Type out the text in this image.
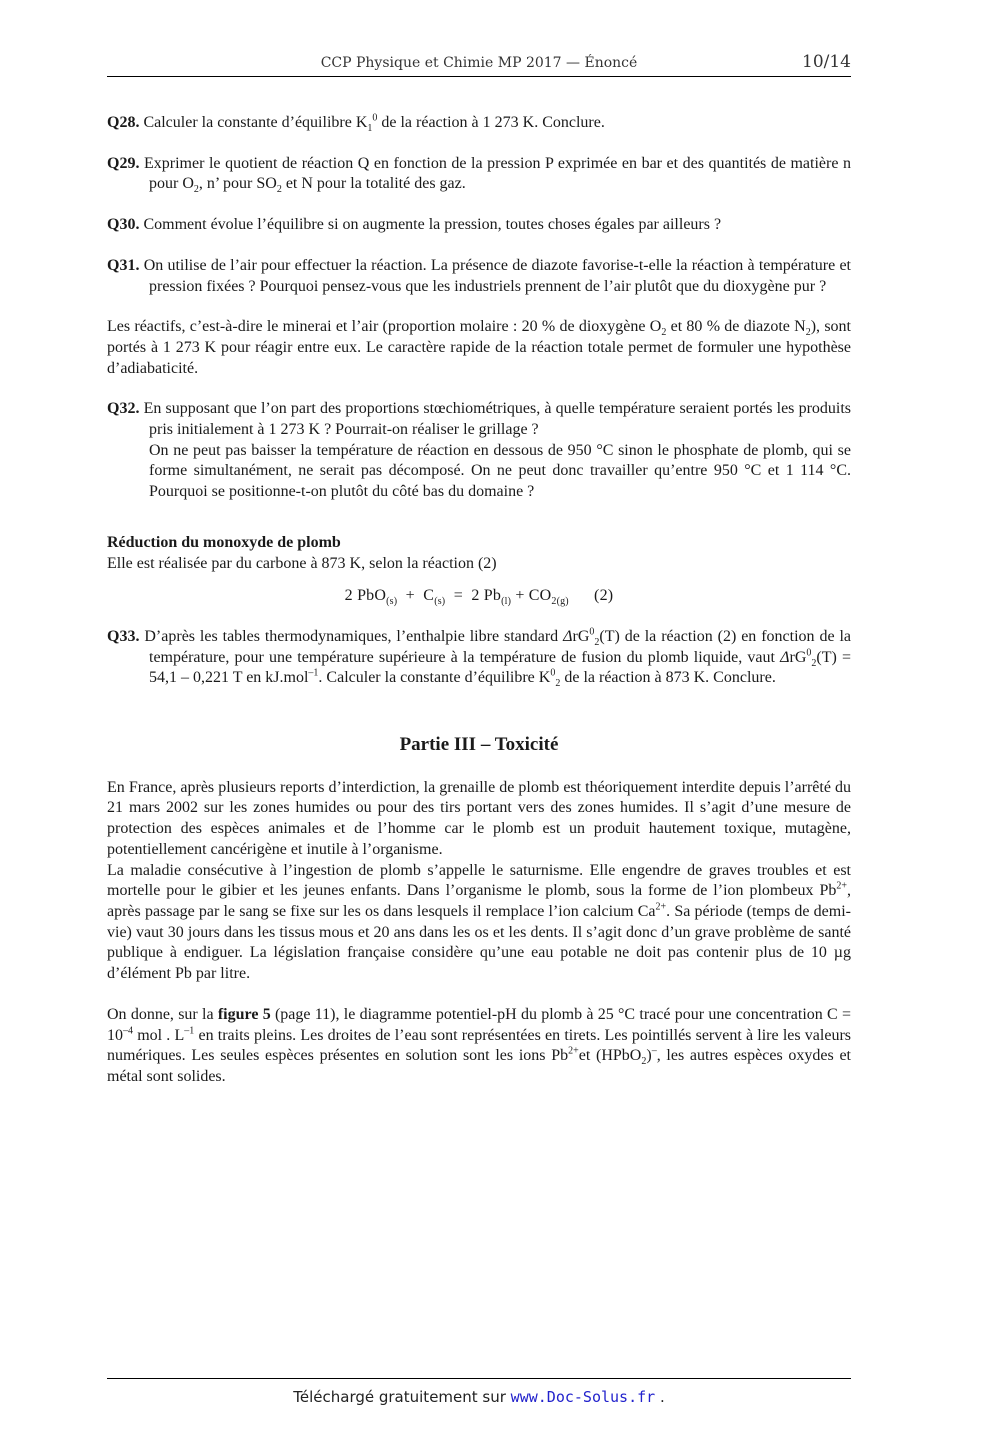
CCP Physique et Chimie MP 2017 — Énoncé	10/14

Q28. Calculer la constante d’équilibre $K_1^0$ de la réaction à 1 273 K. Conclure.

Q29. Exprimer le quotient de réaction Q en fonction de la pression P exprimée en bar et des quantités de matière n pour $O_2$, n’ pour $SO_2$ et N pour la totalité des gaz.

Q30. Comment évolue l’équilibre si on augmente la pression, toutes choses égales par ailleurs ?

Q31. On utilise de l’air pour effectuer la réaction. La présence de diazote favorise-t-elle la réaction à température et pression fixées ? Pourquoi pensez-vous que les industriels prennent de l’air plutôt que du dioxygène pur ?

Les réactifs, c’est-à-dire le minerai et l’air (proportion molaire : 20 % de dioxygène $O_2$ et 80 % de diazote $N_2$), sont portés à 1 273 K pour réagir entre eux. Le caractère rapide de la réaction totale permet de formuler une hypothèse d’adiabaticité.

Q32. En supposant que l’on part des proportions stœchiométriques, à quelle température seraient portés les produits pris initialement à 1 273 K ? Pourrait-on réaliser le grillage ?
On ne peut pas baisser la température de réaction en dessous de 950 °C sinon le phosphate de plomb, qui se forme simultanément, ne serait pas décomposé. On ne peut donc travailler qu’entre 950 °C et 1 114 °C. Pourquoi se positionne-t-on plutôt du côté bas du domaine ?
Réduction du monoxyde de plomb
Elle est réalisée par du carbone à 873 K, selon la réaction (2)
2 $PbO_{(s)} + C_{(s)} = 2$ $Pb_{(l)} + CO_{2(g)}$ (2)

Q33. D’après les tables thermodynamiques, l’enthalpie libre standard ΔrG$^0_2$(T) de la réaction (2) en fonction de la température, pour une température supérieure à la température de fusion du plomb liquide, vaut ΔrG$^0_2$(T) = 54,1 – 0,221 T en kJ.mol$^{-1}$. Calculer la constante d’équilibre $K^0_2$ de la réaction à 873 K. Conclure.

Partie III – Toxicité

En France, après plusieurs reports d’interdiction, la grenaille de plomb est théoriquement interdite depuis l’arrêté du 21 mars 2002 sur les zones humides ou pour des tirs portant vers des zones humides. Il s’agit d’une mesure de protection des espèces animales et de l’homme car le plomb est un produit hautement toxique, mutagène, potentiellement cancérigène et inutile à l’organisme.

La maladie consécutive à l’ingestion de plomb s’appelle le saturnisme. Elle engendre de graves troubles et est mortelle pour le gibier et les jeunes enfants. Dans l’organisme le plomb, sous la forme de l’ion plombeux $Pb^{2+}$, après passage par le sang se fixe sur les os dans lesquels il remplace l’ion calcium $Ca^{2+}$. Sa période (temps de demi-vie) vaut 30 jours dans les tissus mous et 20 ans dans les os et les dents. Il s’agit donc d’un grave problème de santé publique à endiguer. La législation française considère qu’une eau potable ne doit pas contenir plus de 10 µg d’élément Pb par litre.

On donne, sur la figure 5 (page 11), le diagramme potentiel-pH du plomb à 25 °C tracé pour une concentration $C = 10^{-4}$ mol . $L^{-1}$ en traits pleins. Les droites de l’eau sont représentées en tirets. Les pointillés servent à lire les valeurs numériques. Les seules espèces présentes en solution sont les ions $Pb^{2+}et$ (HPbO$_2$)–, les autres espèces oxydes et métal sont solides.

Téléchargé gratuitement sur www.Doc-Solus.fr .
